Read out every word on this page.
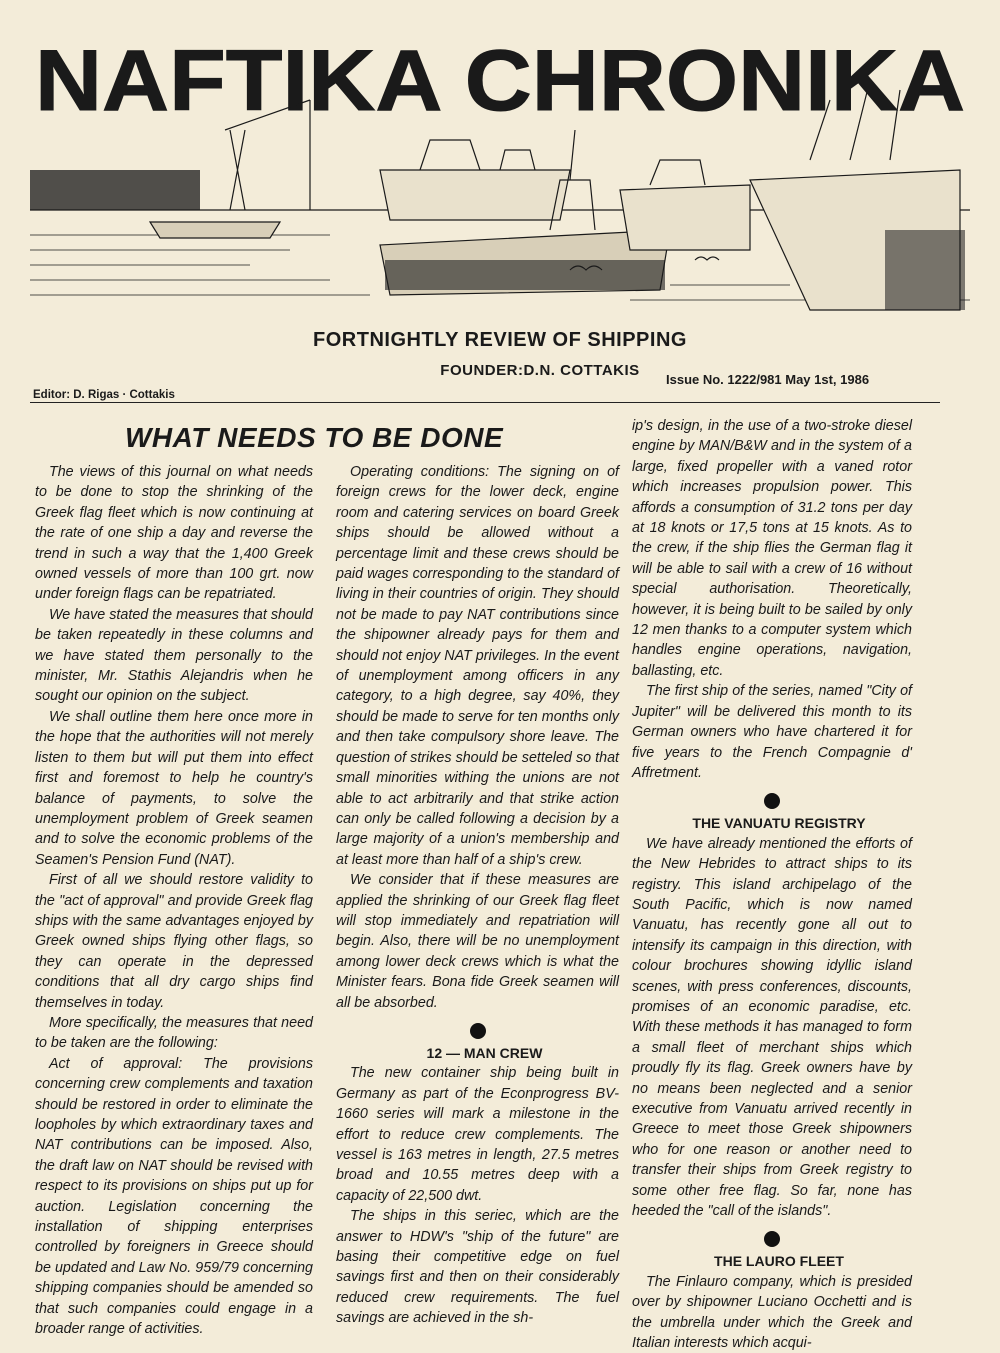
NAFTIKA CHRONIKA
FORTNIGHTLY REVIEW OF SHIPPING
FOUNDER:D.N. COTTAKIS
Editor: D. Rigas · Cottakis
Issue No. 1222/981 May 1st, 1986
WHAT NEEDS TO BE DONE

The views of this journal on what needs to be done to stop the shrinking of the Greek flag fleet which is now continuing at the rate of one ship a day and reverse the trend in such a way that the 1,400 Greek owned vessels of more than 100 grt. now under foreign flags can be repatriated.

We have stated the measures that should be taken repeatedly in these columns and we have stated them personally to the minister, Mr. Stathis Alejandris when he sought our opinion on the subject.

We shall outline them here once more in the hope that the authorities will not merely listen to them but will put them into effect first and foremost to help he country's balance of payments, to solve the unemployment problem of Greek seamen and to solve the economic problems of the Seamen's Pension Fund (NAT).

First of all we should restore validity to the "act of approval" and provide Greek flag ships with the same advantages enjoyed by Greek owned ships flying other flags, so they can operate in the depressed conditions that all dry cargo ships find themselves in today.

More specifically, the measures that need to be taken are the following:

Act of approval: The provisions concerning crew complements and taxation should be restored in order to eliminate the loopholes by which extraordinary taxes and NAT contributions can be imposed. Also, the draft law on NAT should be revised with respect to its provisions on ships put up for auction. Legislation concerning the installation of shipping enterprises controlled by foreigners in Greece should be updated and Law No. 959/79 concerning shipping companies should be amended so that such companies could engage in a broader range of activities.

Operating conditions: The signing on of foreign crews for the lower deck, engine room and catering services on board Greek ships should be allowed without a percentage limit and these crews should be paid wages corresponding to the standard of living in their countries of origin. They should not be made to pay NAT contributions since the shipowner already pays for them and should not enjoy NAT privileges. In the event of unemployment among officers in any category, to a high degree, say 40%, they should be made to serve for ten months only and then take compulsory shore leave. The question of strikes should be setteled so that small minorities withing the unions are not able to act arbitrarily and that strike action can only be called following a decision by a large majority of a union's membership and at least more than half of a ship's crew.

We consider that if these measures are applied the shrinking of our Greek flag fleet will stop immediately and repatriation will begin. Also, there will be no unemployment among lower deck crews which is what the Minister fears. Bona fide Greek seamen will all be absorbed.

12 — MAN CREW

The new container ship being built in Germany as part of the Econprogress BV-1660 series will mark a milestone in the effort to reduce crew complements. The vessel is 163 metres in length, 27.5 metres broad and 10.55 metres deep with a capacity of 22,500 dwt.

The ships in this seriec, which are the answer to HDW's "ship of the future" are basing their competitive edge on fuel savings first and then on their considerably reduced crew requirements. The fuel savings are achieved in the sh-

ip's design, in the use of a two-stroke diesel engine by MAN/B&W and in the system of a large, fixed propeller with a vaned rotor which increases propulsion power. This affords a consumption of 31.2 tons per day at 18 knots or 17,5 tons at 15 knots. As to the crew, if the ship flies the German flag it will be able to sail with a crew of 16 without special authorisation. Theoretically, however, it is being built to be sailed by only 12 men thanks to a computer system which handles engine operations, navigation, ballasting, etc.

The first ship of the series, named "City of Jupiter" will be delivered this month to its German owners who have chartered it for five years to the French Compagnie d' Affretment.

THE VANUATU REGISTRY

We have already mentioned the efforts of the New Hebrides to attract ships to its registry. This island archipelago of the South Pacific, which is now named Vanuatu, has recently gone all out to intensify its campaign in this direction, with colour brochures showing idyllic island scenes, with press conferences, discounts, promises of an economic paradise, etc. With these methods it has managed to form a small fleet of merchant ships which proudly fly its flag. Greek owners have by no means been neglected and a senior executive from Vanuatu arrived recently in Greece to meet those Greek shipowners who for one reason or another need to transfer their ships from Greek registry to some other free flag. So far, none has heeded the "call of the islands".

THE LAURO FLEET

The Finlauro company, which is presided over by shipowner Luciano Occhetti and is the umbrella under which the Greek and Italian interests which acqui-
